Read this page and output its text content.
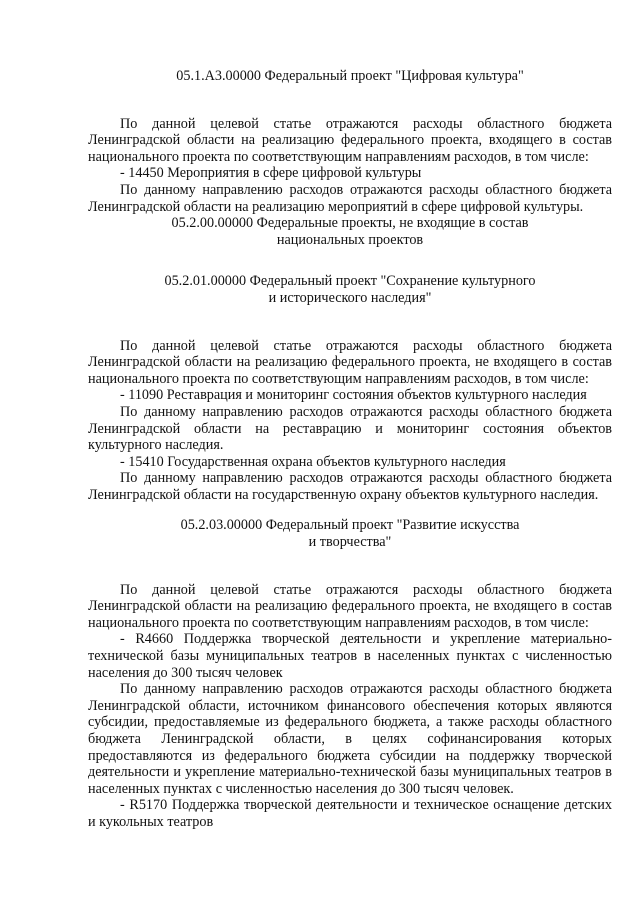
05.1.А3.00000 Федеральный проект "Цифровая культура"

По данной целевой статье отражаются расходы областного бюджета Ленинградской области на реализацию федерального проекта, входящего в состав национального проекта по соответствующим направлениям расходов, в том числе:

- 14450 Мероприятия в сфере цифровой культуры

По данному направлению расходов отражаются расходы областного бюджета Ленинградской области на реализацию мероприятий в сфере цифровой культуры.

05.2.00.00000 Федеральные проекты, не входящие в состав

национальных проектов

05.2.01.00000 Федеральный проект "Сохранение культурного

и исторического наследия"

По данной целевой статье отражаются расходы областного бюджета Ленинградской области на реализацию федерального проекта, не входящего в состав национального проекта по соответствующим направлениям расходов, в том числе:

- 11090 Реставрация и мониторинг состояния объектов культурного наследия

По данному направлению расходов отражаются расходы областного бюджета Ленинградской области на реставрацию и мониторинг состояния объектов культурного наследия.

- 15410 Государственная охрана объектов культурного наследия

По данному направлению расходов отражаются расходы областного бюджета Ленинградской области на государственную охрану объектов культурного наследия.

05.2.03.00000 Федеральный проект "Развитие искусства

и творчества"

По данной целевой статье отражаются расходы областного бюджета Ленинградской области на реализацию федерального проекта, не входящего в состав национального проекта по соответствующим направлениям расходов, в том числе:

- R4660 Поддержка творческой деятельности и укрепление материально-технической базы муниципальных театров в населенных пунктах с численностью населения до 300 тысяч человек

По данному направлению расходов отражаются расходы областного бюджета Ленинградской области, источником финансового обеспечения которых являются субсидии, предоставляемые из федерального бюджета, а также расходы областного бюджета Ленинградской области, в целях софинансирования которых предоставляются из федерального бюджета субсидии на поддержку творческой деятельности и укрепление материально-технической базы муниципальных театров в населенных пунктах с численностью населения до 300 тысяч человек.

- R5170 Поддержка творческой деятельности и техническое оснащение детских и кукольных театров
